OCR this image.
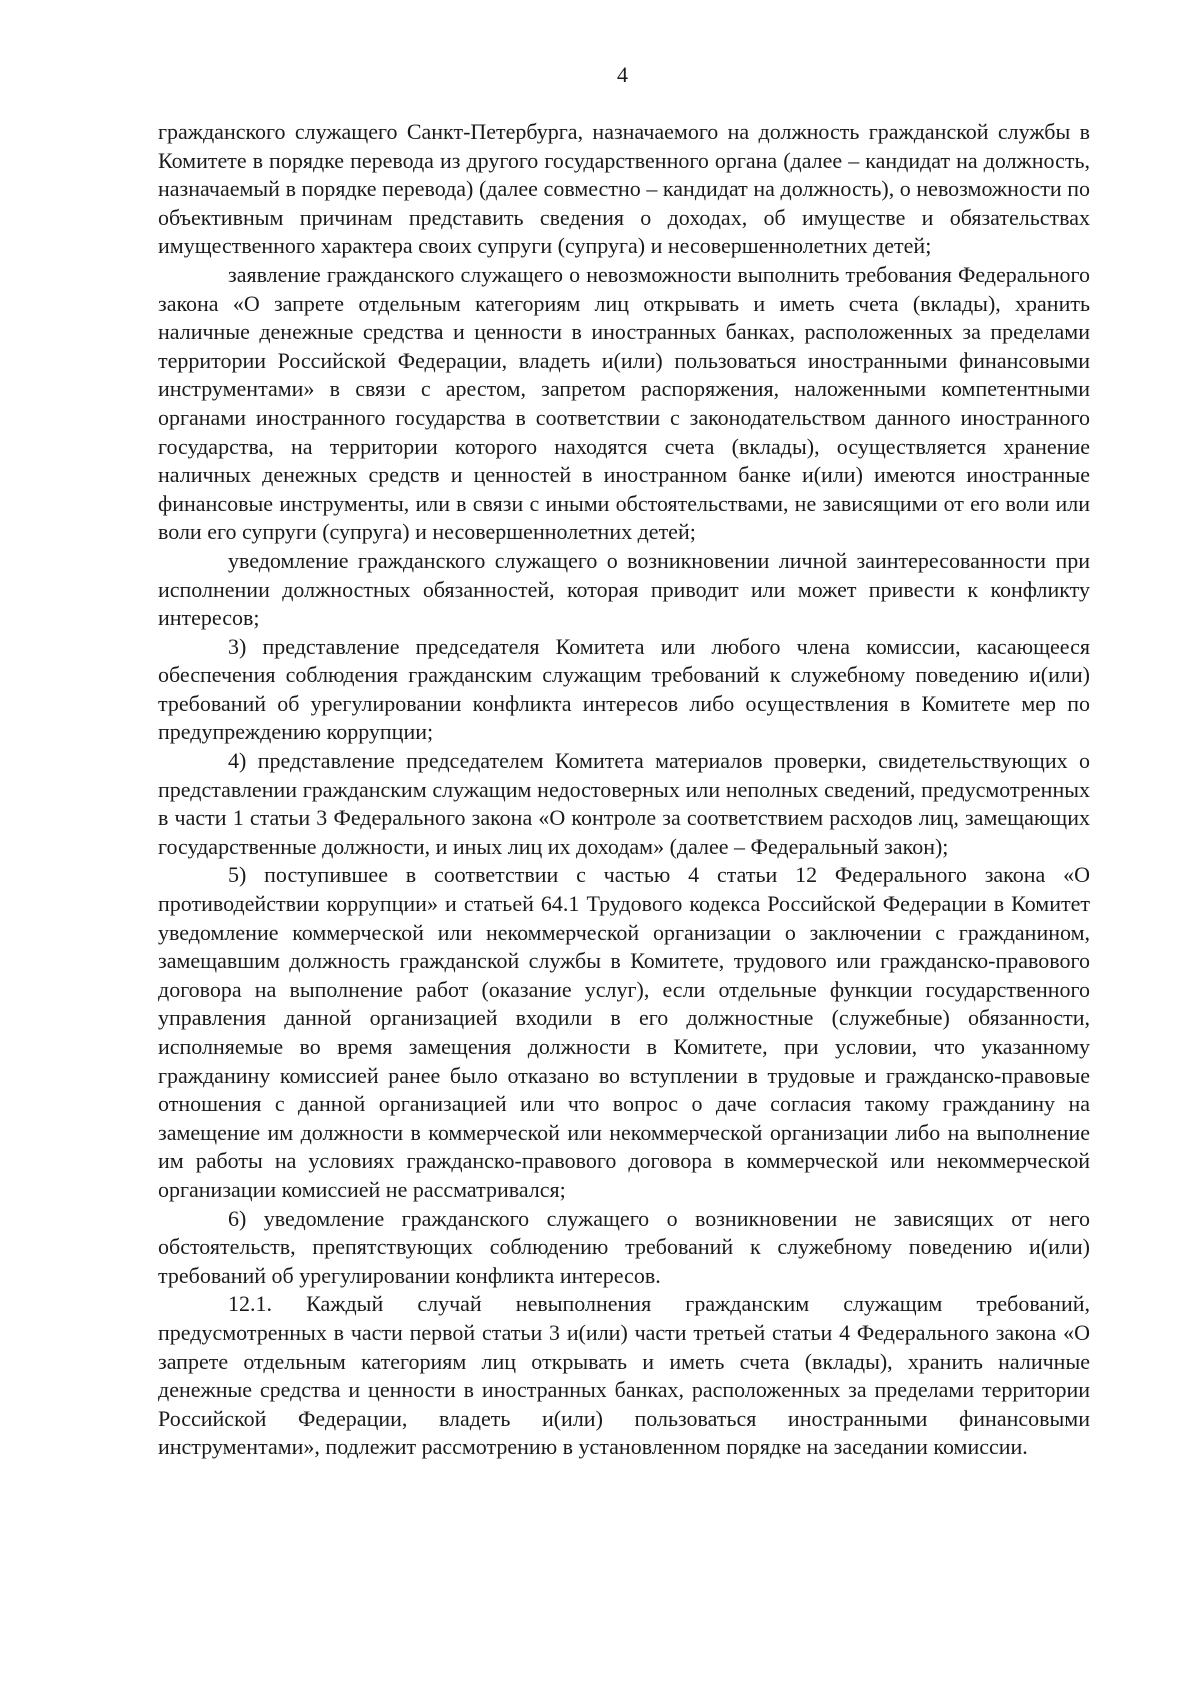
4

гражданского служащего Санкт-Петербурга, назначаемого на должность гражданской службы в Комитете в порядке перевода из другого государственного органа (далее – кандидат на должность, назначаемый в порядке перевода) (далее совместно – кандидат на должность), о невозможности по объективным причинам представить сведения о доходах, об имуществе и обязательствах имущественного характера своих супруги (супруга) и несовершеннолетних детей;

заявление гражданского служащего о невозможности выполнить требования Федерального закона «О запрете отдельным категориям лиц открывать и иметь счета (вклады), хранить наличные денежные средства и ценности в иностранных банках, расположенных за пределами территории Российской Федерации, владеть и(или) пользоваться иностранными финансовыми инструментами» в связи с арестом, запретом распоряжения, наложенными компетентными органами иностранного государства в соответствии с законодательством данного иностранного государства, на территории которого находятся счета (вклады), осуществляется хранение наличных денежных средств и ценностей в иностранном банке и(или) имеются иностранные финансовые инструменты, или в связи с иными обстоятельствами, не зависящими от его воли или воли его супруги (супруга) и несовершеннолетних детей;

уведомление гражданского служащего о возникновении личной заинтересованности при исполнении должностных обязанностей, которая приводит или может привести к конфликту интересов;

3) представление председателя Комитета или любого члена комиссии, касающееся обеспечения соблюдения гражданским служащим требований к служебному поведению и(или) требований об урегулировании конфликта интересов либо осуществления в Комитете мер по предупреждению коррупции;

4) представление председателем Комитета материалов проверки, свидетельствующих о представлении гражданским служащим недостоверных или неполных сведений, предусмотренных в части 1 статьи 3 Федерального закона «О контроле за соответствием расходов лиц, замещающих государственные должности, и иных лиц их доходам» (далее – Федеральный закон);

5) поступившее в соответствии с частью 4 статьи 12 Федерального закона «О противодействии коррупции» и статьей 64.1 Трудового кодекса Российской Федерации в Комитет уведомление коммерческой или некоммерческой организации о заключении с гражданином, замещавшим должность гражданской службы в Комитете, трудового или гражданско-правового договора на выполнение работ (оказание услуг), если отдельные функции государственного управления данной организацией входили в его должностные (служебные) обязанности, исполняемые во время замещения должности в Комитете, при условии, что указанному гражданину комиссией ранее было отказано во вступлении в трудовые и гражданско-правовые отношения с данной организацией или что вопрос о даче согласия такому гражданину на замещение им должности в коммерческой или некоммерческой организации либо на выполнение им работы на условиях гражданско-правового договора в коммерческой или некоммерческой организации комиссией не рассматривался;

6) уведомление гражданского служащего о возникновении не зависящих от него обстоятельств, препятствующих соблюдению требований к служебному поведению и(или) требований об урегулировании конфликта интересов.

12.1. Каждый случай невыполнения гражданским служащим требований, предусмотренных в части первой статьи 3 и(или) части третьей статьи 4 Федерального закона «О запрете отдельным категориям лиц открывать и иметь счета (вклады), хранить наличные денежные средства и ценности в иностранных банках, расположенных за пределами территории Российской Федерации, владеть и(или) пользоваться иностранными финансовыми инструментами», подлежит рассмотрению в установленном порядке на заседании комиссии.
